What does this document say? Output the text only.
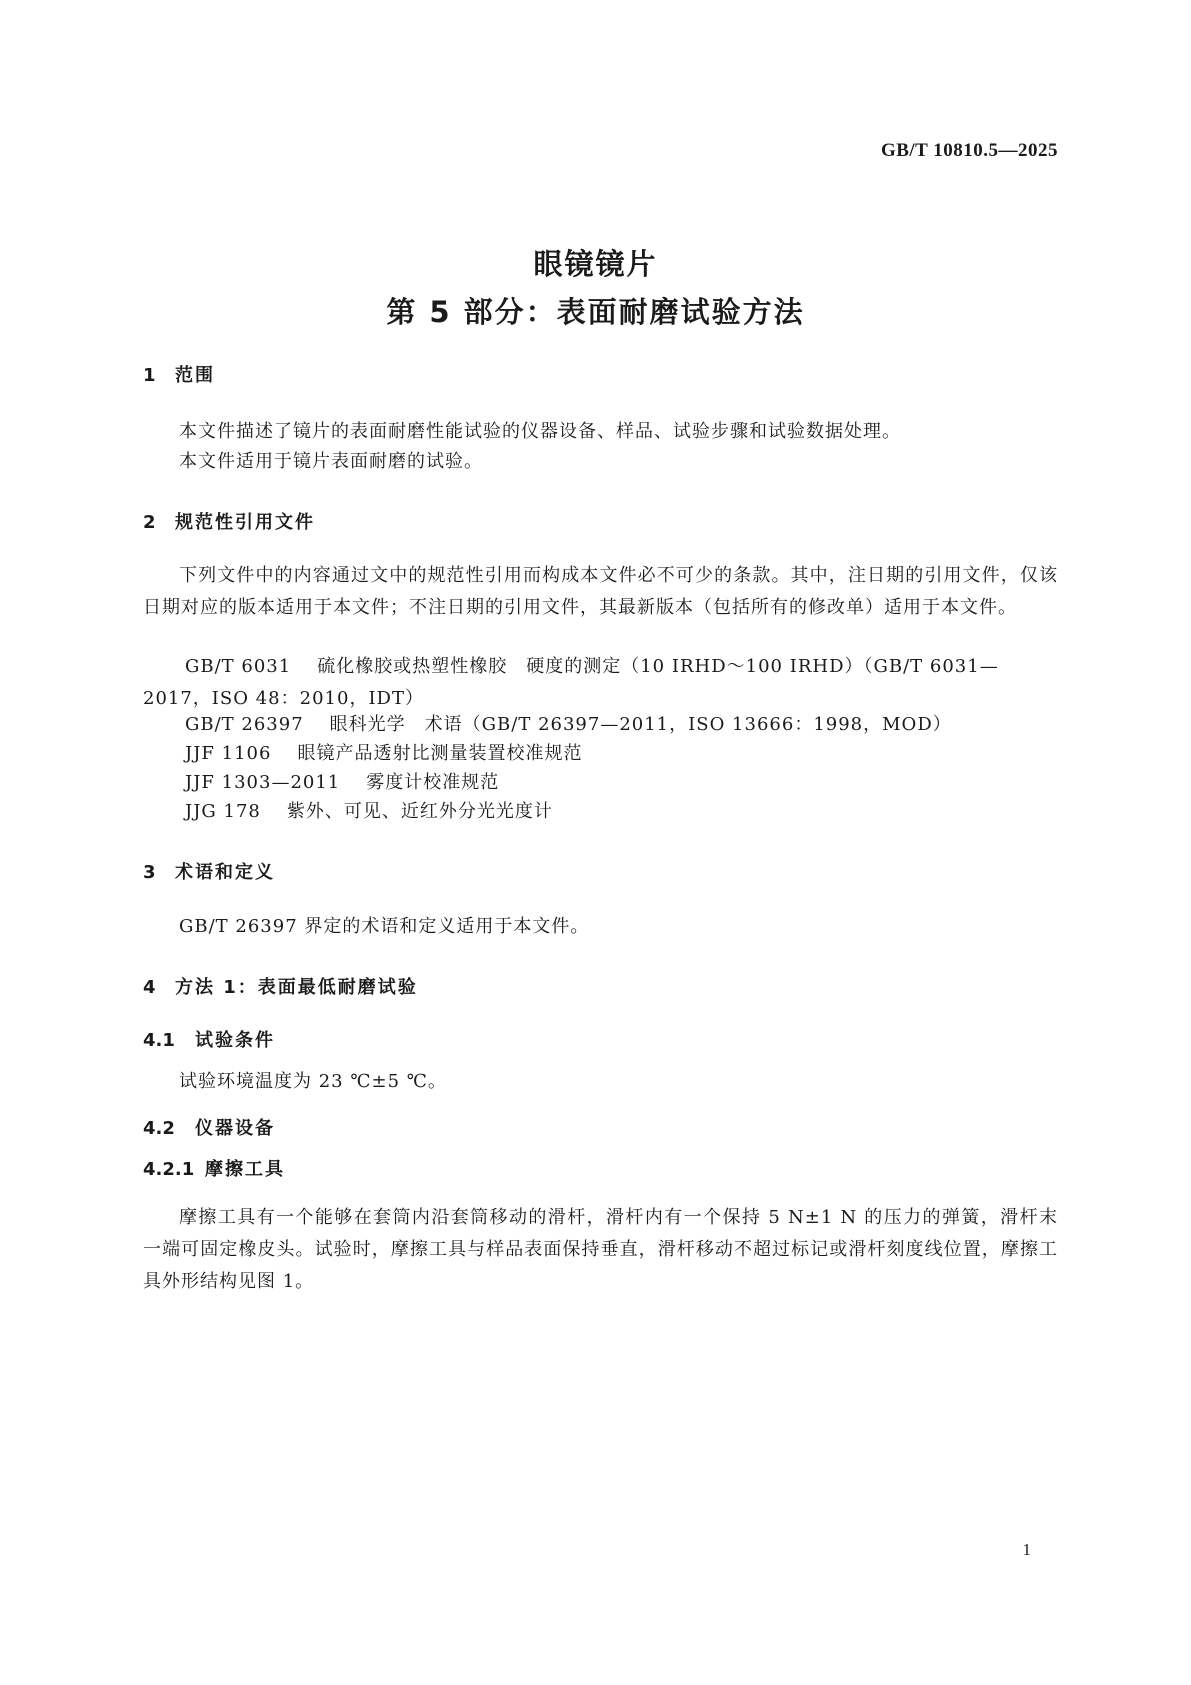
GB/T 10810.5—2025
眼镜镜片
第 5 部分：表面耐磨试验方法
1 范围

本文件描述了镜片的表面耐磨性能试验的仪器设备、样品、试验步骤和试验数据处理。

本文件适用于镜片表面耐磨的试验。

2 规范性引用文件

下列文件中的内容通过文中的规范性引用而构成本文件必不可少的条款。其中，注日期的引用文件，仅该日期对应的版本适用于本文件；不注日期的引用文件，其最新版本（包括所有的修改单）适用于本文件。

GB/T 6031 硫化橡胶或热塑性橡胶　硬度的测定（10 IRHD～100 IRHD）（GB/T 6031—2017，ISO 48：2010，IDT）

GB/T 26397 眼科光学　术语（GB/T 26397—2011，ISO 13666：1998，MOD）

JJF 1106 眼镜产品透射比测量装置校准规范

JJF 1303—2011 雾度计校准规范

JJG 178 紫外、可见、近红外分光光度计

3 术语和定义

GB/T 26397 界定的术语和定义适用于本文件。

4 方法 1：表面最低耐磨试验
4.1 试验条件

试验环境温度为 23 ℃±5 ℃。

4.2 仪器设备
4.2.1 摩擦工具

摩擦工具有一个能够在套筒内沿套筒移动的滑杆，滑杆内有一个保持 5 N±1 N 的压力的弹簧，滑杆末一端可固定橡皮头。试验时，摩擦工具与样品表面保持垂直，滑杆移动不超过标记或滑杆刻度线位置，摩擦工具外形结构见图 1。

1
